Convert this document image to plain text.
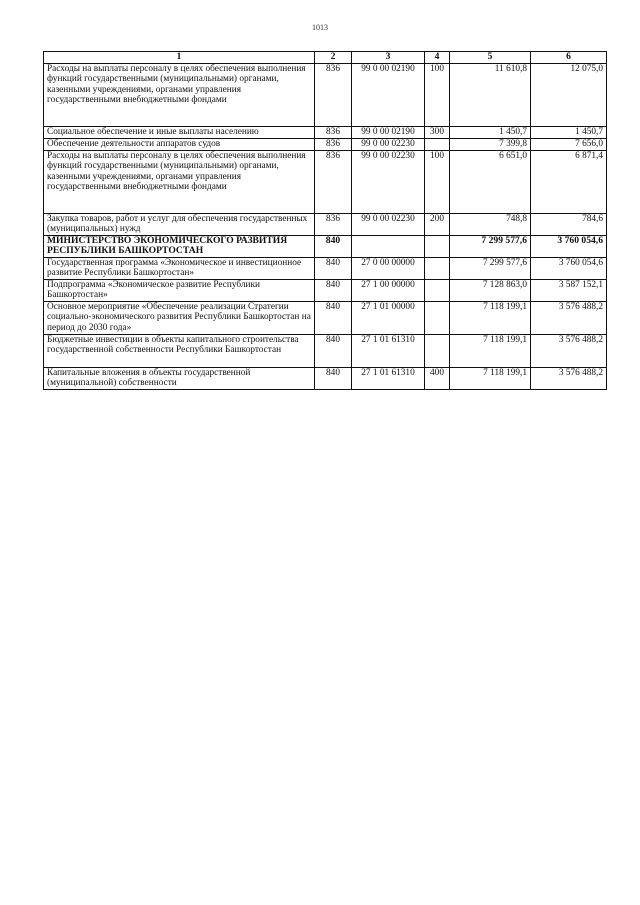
1013
1	2	3	4	5	6
Расходы на выплаты персоналу в целях обеспечения выполнения функций государственными (муниципальными) органами, казенными учреждениями, органами управления государственными внебюджетными фондами	836	99 0 00 02190	100	11 610,8	12 075,0
Социальное обеспечение и иные выплаты населению	836	99 0 00 02190	300	1 450,7	1 450,7
Обеспечение деятельности аппаратов судов	836	99 0 00 02230		7 399,8	7 656,0
Расходы на выплаты персоналу в целях обеспечения выполнения функций государственными (муниципальными) органами, казенными учреждениями, органами управления государственными внебюджетными фондами	836	99 0 00 02230	100	6 651,0	6 871,4
Закупка товаров, работ и услуг для обеспечения государственных (муниципальных) нужд	836	99 0 00 02230	200	748,8	784,6
МИНИСТЕРСТВО ЭКОНОМИЧЕСКОГО РАЗВИТИЯ РЕСПУБЛИКИ БАШКОРТОСТАН	840			7 299 577,6	3 760 054,6
Государственная программа «Экономическое и инвестиционное развитие Республики Башкортостан»	840	27 0 00 00000		7 299 577,6	3 760 054,6
Подпрограмма «Экономическое развитие Республики Башкортостан»	840	27 1 00 00000		7 128 863,0	3 587 152,1
Основное мероприятие «Обеспечение реализации Стратегии социально-экономического развития Республики Башкортостан на период до 2030 года»	840	27 1 01 00000		7 118 199,1	3 576 488,2
Бюджетные инвестиции в объекты капитального строительства государственной собственности Республики Башкортостан	840	27 1 01 61310		7 118 199,1	3 576 488,2
Капитальные вложения в объекты государственной (муниципальной) собственности	840	27 1 01 61310	400	7 118 199,1	3 576 488,2
